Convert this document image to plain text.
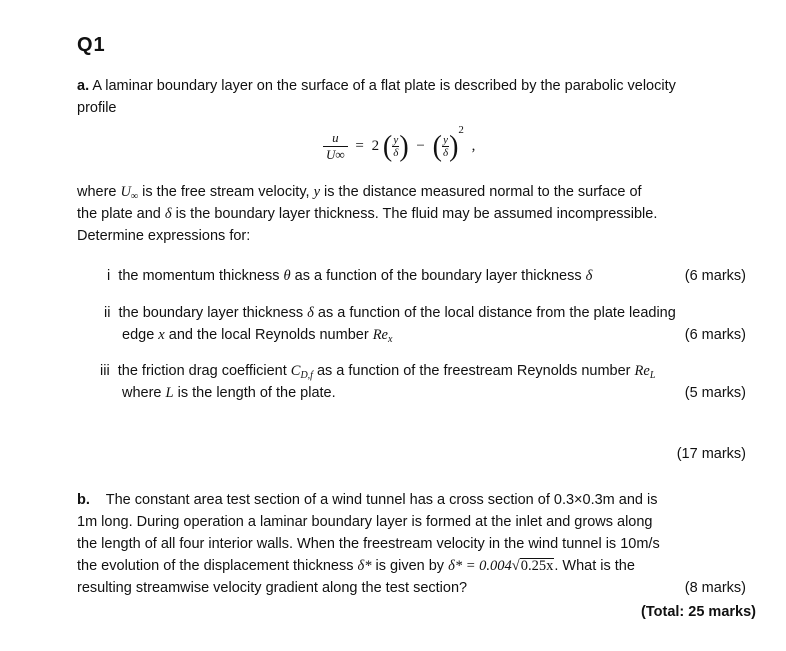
Q1
a. A laminar boundary layer on the surface of a flat plate is described by the parabolic velocity
profile
$\frac{u}{U\infty} = 2$ ( $\frac{y}{\delta}$ ) − ( $\frac{y}{\delta} )2$ ,
where $U_\infty$ is the free stream velocity, y is the distance measured normal to the surface of
the plate and δ is the boundary layer thickness. The fluid may be assumed incompressible.
Determine expressions for:
i the momentum thickness θ as a function of the boundary layer thickness δ	(6 marks)
ii the boundary layer thickness δ as a function of the local distance from the plate leading
edge x and the local Reynolds number $Re_x$	(6 marks)
iii the friction drag coefficient $C_{D,f}$ as a function of the freestream Reynolds number $Re_L$
where L is the length of the plate.	(5 marks)
(17 marks)
b. The constant area test section of a wind tunnel has a cross section of 0.3×0.3m and is
1m long. During operation a laminar boundary layer is formed at the inlet and grows along
the length of all four interior walls. When the freestream velocity in the wind tunnel is 10m/s
the evolution of the displacement thickness δ* is given by δ* = 0.004√0.25x. What is the
resulting streamwise velocity gradient along the test section?	(8 marks)
(Total: 25 marks)
